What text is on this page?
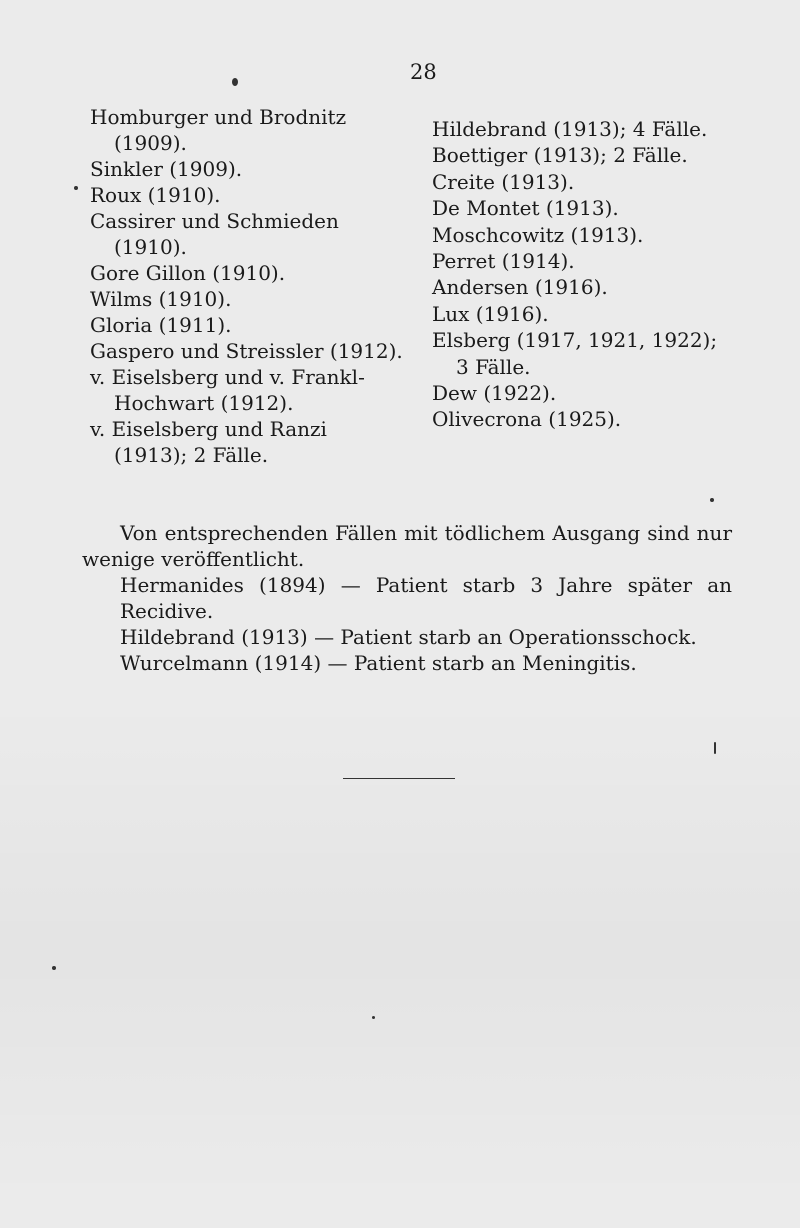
28

Homburger und Brodnitz

(1909).

Sinkler (1909).

Roux (1910).

Cassirer und Schmieden

(1910).

Gore Gillon (1910).

Wilms (1910).

Gloria (1911).

Gaspero und Streissler (1912).

v. Eiselsberg und v. Frankl-

Hochwart (1912).

v. Eiselsberg und Ranzi

(1913); 2 Fälle.

Hildebrand (1913); 4 Fälle.

Boettiger (1913); 2 Fälle.

Creite (1913).

De Montet (1913).

Moschcowitz (1913).

Perret (1914).

Andersen (1916).

Lux (1916).

Elsberg (1917, 1921, 1922);

3 Fälle.

Dew (1922).

Olivecrona (1925).

Von entsprechenden Fällen mit tödlichem Ausgang sind nur wenige veröffentlicht.

Hermanides (1894) — Patient starb 3 Jahre später an Recidive.

Hildebrand (1913) — Patient starb an Operationsschock.

Wurcelmann (1914) — Patient starb an Meningitis.
